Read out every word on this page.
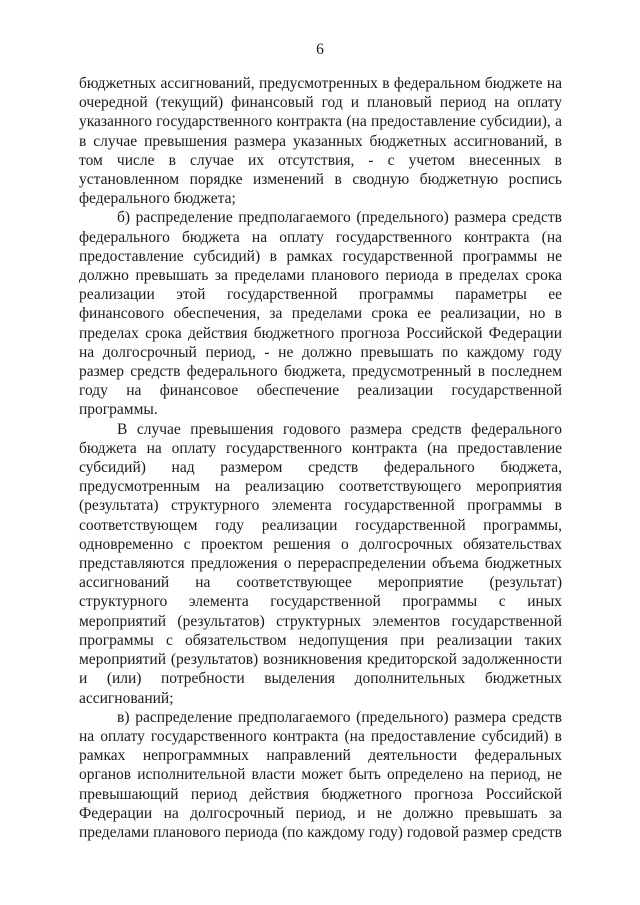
6

бюджетных ассигнований, предусмотренных в федеральном бюджете на очередной (текущий) финансовый год и плановый период на оплату указанного государственного контракта (на предоставление субсидии), а в случае превышения размера указанных бюджетных ассигнований, в том числе в случае их отсутствия, - с учетом внесенных в установленном порядке изменений в сводную бюджетную роспись федерального бюджета;

б) распределение предполагаемого (предельного) размера средств федерального бюджета на оплату государственного контракта (на предоставление субсидий) в рамках государственной программы не должно превышать за пределами планового периода в пределах срока реализации этой государственной программы параметры ее финансового обеспечения, за пределами срока ее реализации, но в пределах срока действия бюджетного прогноза Российской Федерации на долгосрочный период, - не должно превышать по каждому году размер средств федерального бюджета, предусмотренный в последнем году на финансовое обеспечение реализации государственной программы.

В случае превышения годового размера средств федерального бюджета на оплату государственного контракта (на предоставление субсидий) над размером средств федерального бюджета, предусмотренным на реализацию соответствующего мероприятия (результата) структурного элемента государственной программы в соответствующем году реализации государственной программы, одновременно с проектом решения о долгосрочных обязательствах представляются предложения о перераспределении объема бюджетных ассигнований на соответствующее мероприятие (результат) структурного элемента государственной программы с иных мероприятий (результатов) структурных элементов государственной программы с обязательством недопущения при реализации таких мероприятий (результатов) возникновения кредиторской задолженности и (или) потребности выделения дополнительных бюджетных ассигнований;

в) распределение предполагаемого (предельного) размера средств на оплату государственного контракта (на предоставление субсидий) в рамках непрограммных направлений деятельности федеральных органов исполнительной власти может быть определено на период, не превышающий период действия бюджетного прогноза Российской Федерации на долгосрочный период, и не должно превышать за пределами планового периода (по каждому году) годовой размер средств
